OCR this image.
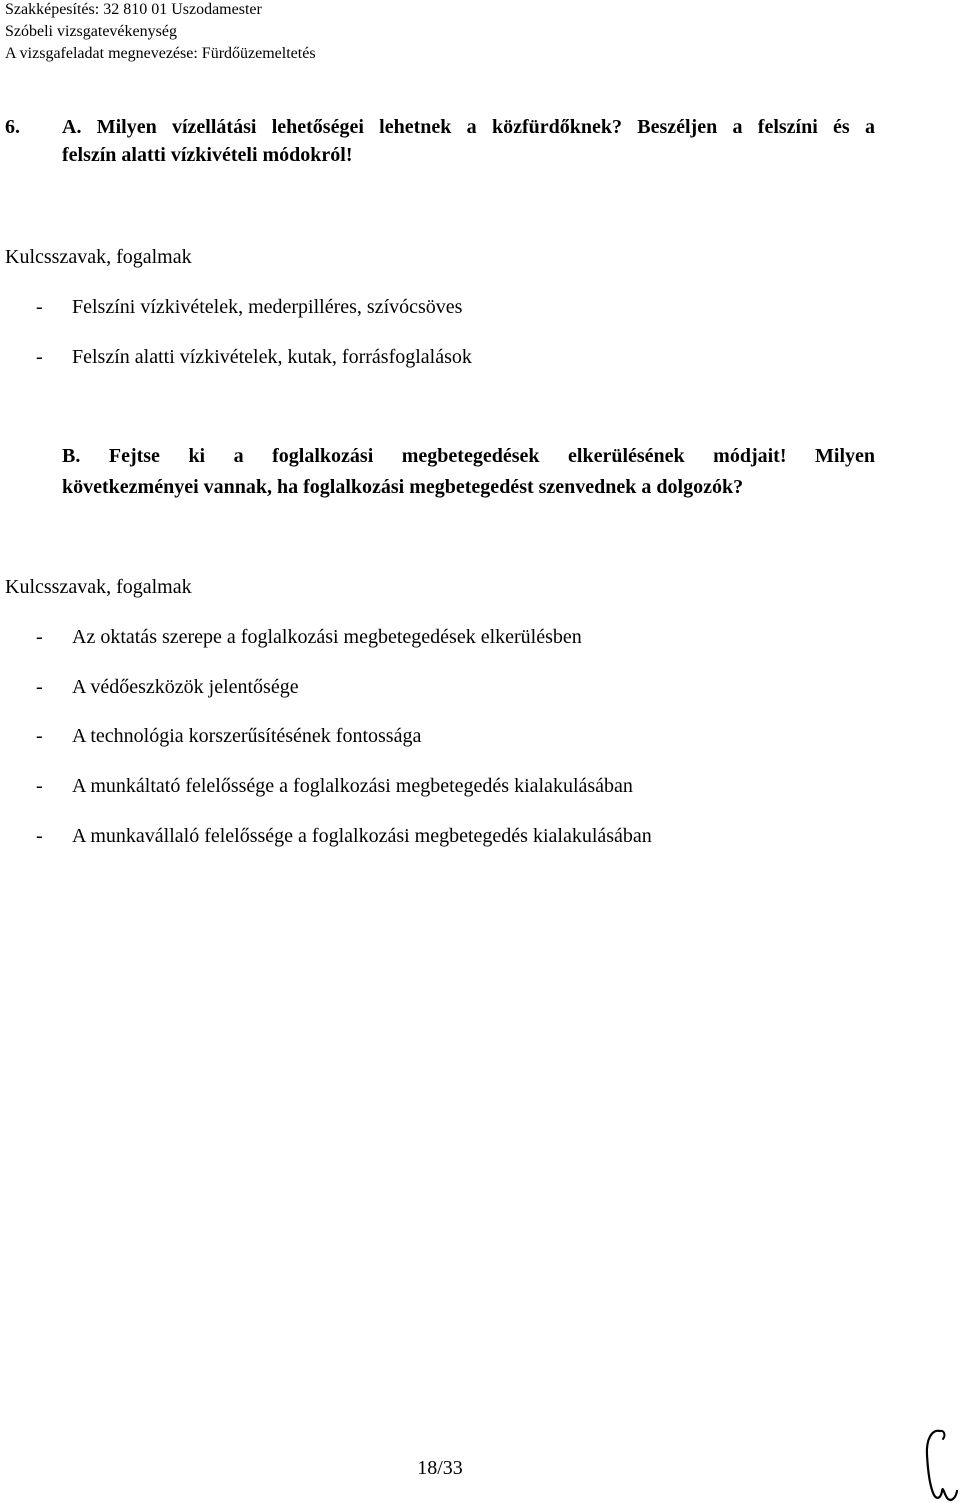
Szakképesítés: 32 810 01 Uszodamester
Szóbeli vizsgatevékenység
A vizsgafeladat megnevezése: Fürdőüzemeltetés
6. A. Milyen vízellátási lehetőségei lehetnek a közfürdőknek? Beszéljen a felszíni és a
felszín alatti vízkivételi módokról!
Kulcsszavak, fogalmak
- Felszíni vízkivételek, mederpilléres, szívócsöves
- Felszín alatti vízkivételek, kutak, forrásfoglalások
B. Fejtse ki a foglalkozási megbetegedések elkerülésének módjait! Milyen
következményei vannak, ha foglalkozási megbetegedést szenvednek a dolgozók?
Kulcsszavak, fogalmak
- Az oktatás szerepe a foglalkozási megbetegedések elkerülésben
- A védőeszközök jelentősége
- A technológia korszerűsítésének fontossága
- A munkáltató felelőssége a foglalkozási megbetegedés kialakulásában
- A munkavállaló felelőssége a foglalkozási megbetegedés kialakulásában
18/33
